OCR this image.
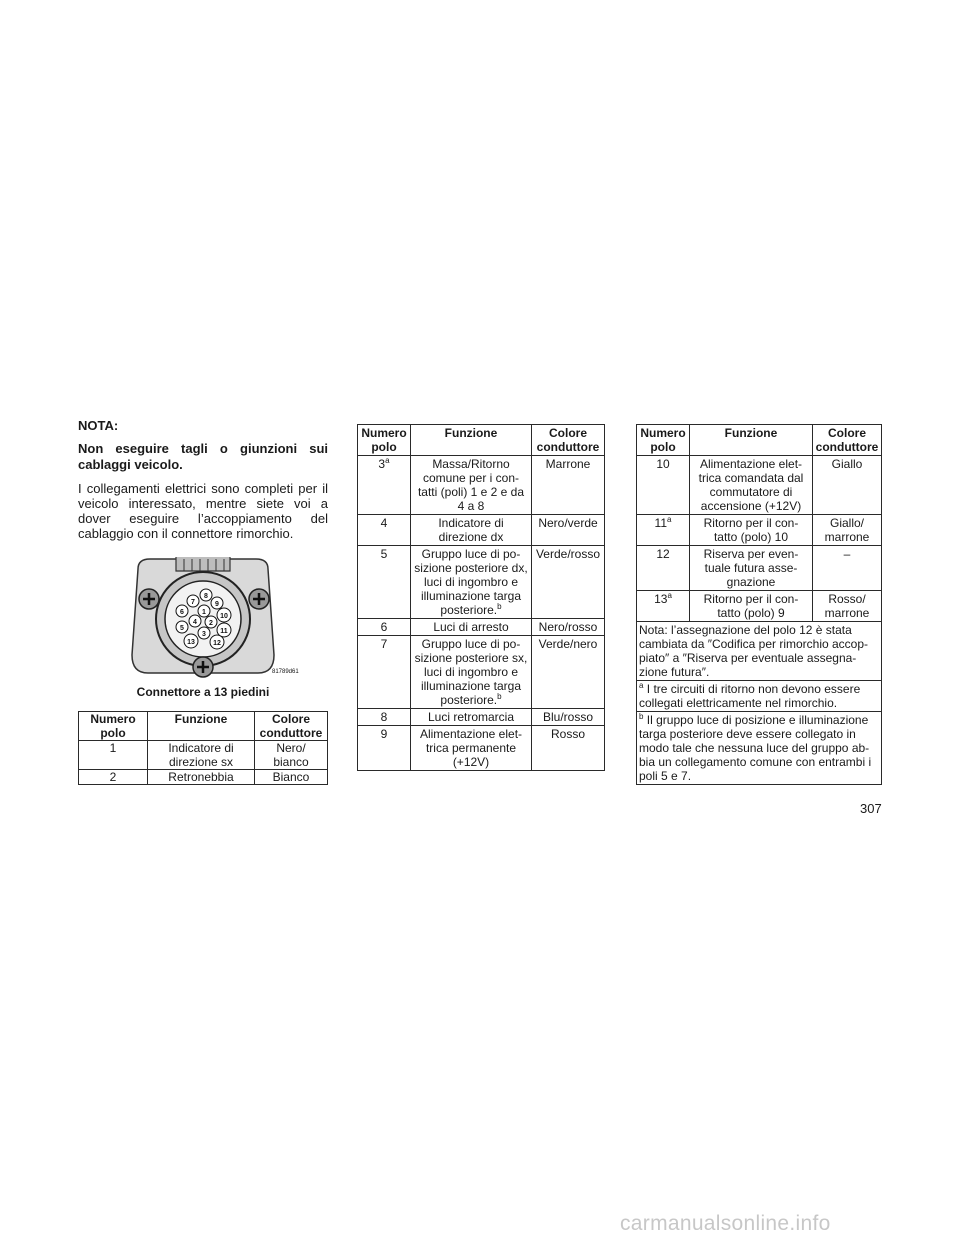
NOTA:

Non eseguire tagli o giunzioni sui cablaggi veicolo.

I collegamenti elettrici sono completi per il veicolo interessato, mentre siete voi a dover eseguire l’accoppiamento del cablaggio con il connettore rimorchio.

8
7	9
6	1
10
4 2
5	11
3
13	12
81789d61
Connettore a 13 piedini
Numero polo	Funzione	Colore conduttore
1	Indicatore di direzione sx	Nero/ bianco
2	Retronebbia	Bianco
Numero polo	Funzione	Colore conduttore
3$^a$	Massa/Ritorno comune per i con- tatti (poli) 1 e 2 e da 4 a 8	Marrone
4	Indicatore di direzione dx	Nero/verde
5	Gruppo luce di po- sizione posteriore dx, luci di ingombro e illuminazione targa posteriore.$^b$	Verde/rosso
6	Luci di arresto	Nero/rosso
7	Gruppo luce di po- sizione posteriore sx, luci di ingombro e illuminazione targa posteriore.$^b$	Verde/nero
8	Luci retromarcia	Blu/rosso
9	Alimentazione elet- trica permanente (+12V)	Rosso
Numero polo	Funzione	Colore conduttore
10	Alimentazione elet- trica comandata dal commutatore di accensione (+12V)	Giallo
11$^a$	Ritorno per il con- tatto (polo) 10	Giallo/ marrone
12	Riserva per even- tuale futura asse- gnazione	–
13$^a$	Ritorno per il con- tatto (polo) 9	Rosso/ marrone
Nota: l’assegnazione del polo 12 è stata cambiata da ″Codifica per rimorchio accop- piato″ a ″Riserva per eventuale assegna- zione futura″.		
$^a$ I tre circuiti di ritorno non devono essere collegati elettricamente nel rimorchio.		
$^b$ Il gruppo luce di posizione e illuminazione targa posteriore deve essere collegato in modo tale che nessuna luce del gruppo ab- bia un collegamento comune con entrambi i poli 5 e 7.		
307
carmanualsonline.info
